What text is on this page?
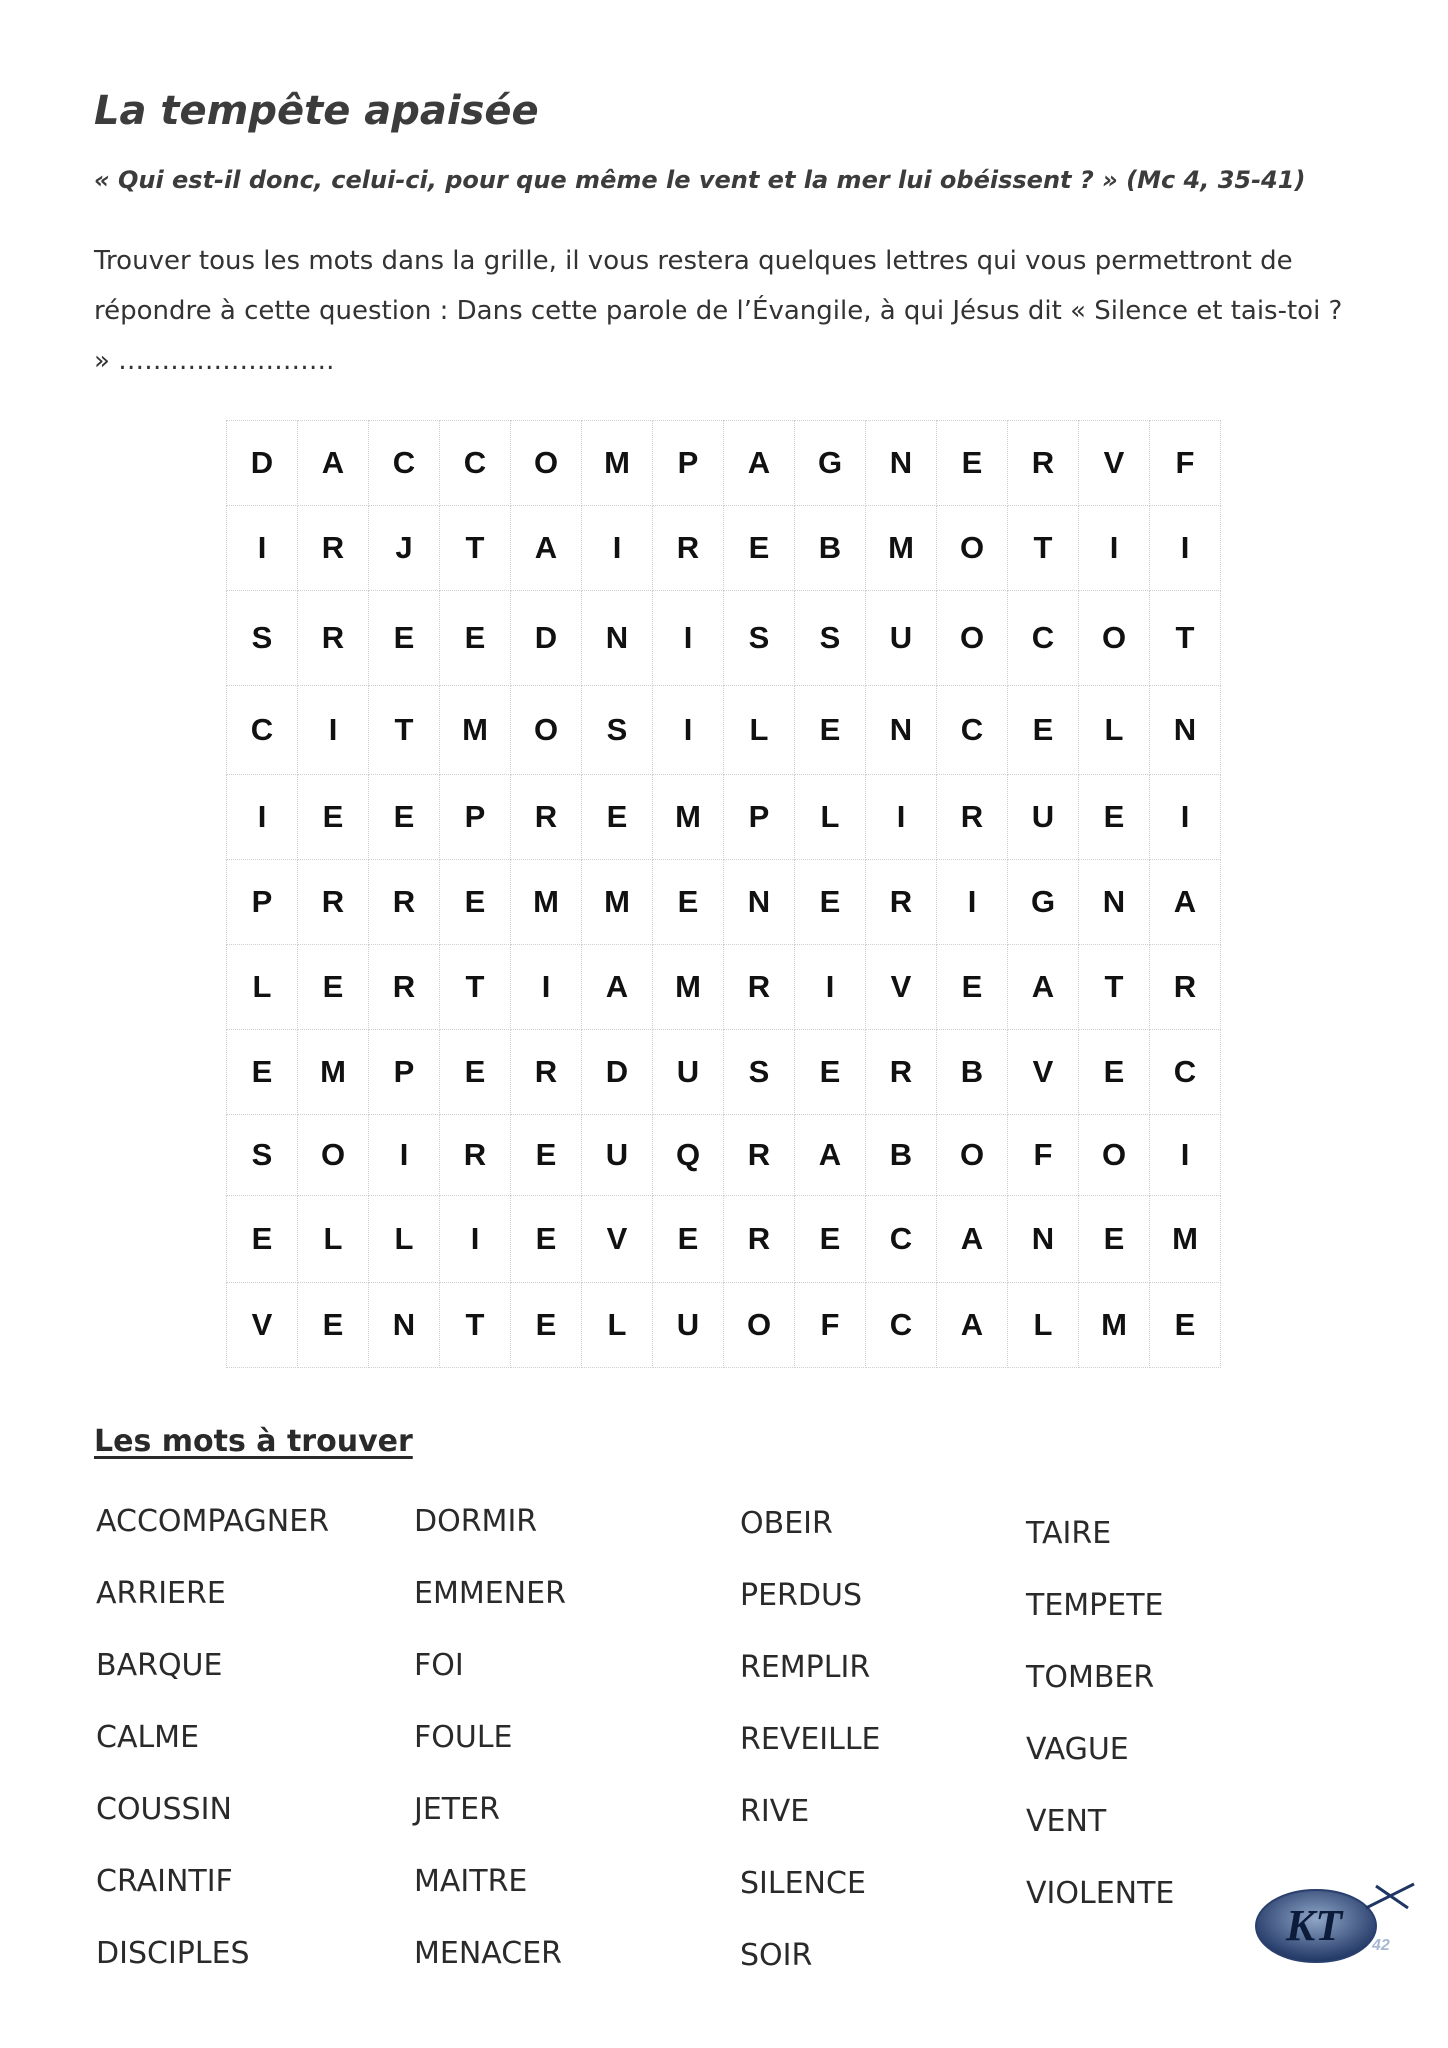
La tempête apaisée

« Qui est-il donc, celui-ci, pour que même le vent et la mer lui obéissent ? » (Mc 4, 35-41)

Trouver tous les mots dans la grille, il vous restera quelques lettres qui vous permettront de répondre à cette question : Dans cette parole de l’Évangile, à qui Jésus dit « Silence et tais-toi ? » …………………….

D	A	C	C	O	M	P	A	G	N	E	R	V	F
I	R	J	T	A	I	R	E	B	M	O	T	I	I
S	R	E	E	D	N	I	S	S	U	O	C	O	T
C	I	T	M	O	S	I	L	E	N	C	E	L	N
I	E	E	P	R	E	M	P	L	I	R	U	E	I
P	R	R	E	M	M	E	N	E	R	I	G	N	A
L	E	R	T	I	A	M	R	I	V	E	A	T	R
E	M	P	E	R	D	U	S	E	R	B	V	E	C
S	O	I	R	E	U	Q	R	A	B	O	F	O	I
E	L	L	I	E	V	E	R	E	C	A	N	E	M
V	E	N	T	E	L	U	O	F	C	A	L	M	E
Les mots à trouver
ACCOMPAGNER
ARRIERE
BARQUE
CALME
COUSSIN
CRAINTIF
DISCIPLES
DORMIR
EMMENER
FOI
FOULE
JETER
MAITRE
MENACER
OBEIR
PERDUS
REMPLIR
REVEILLE
RIVE
SILENCE
SOIR
TAIRE
TEMPETE
TOMBER
VAGUE
VENT
VIOLENTE
KT 42
